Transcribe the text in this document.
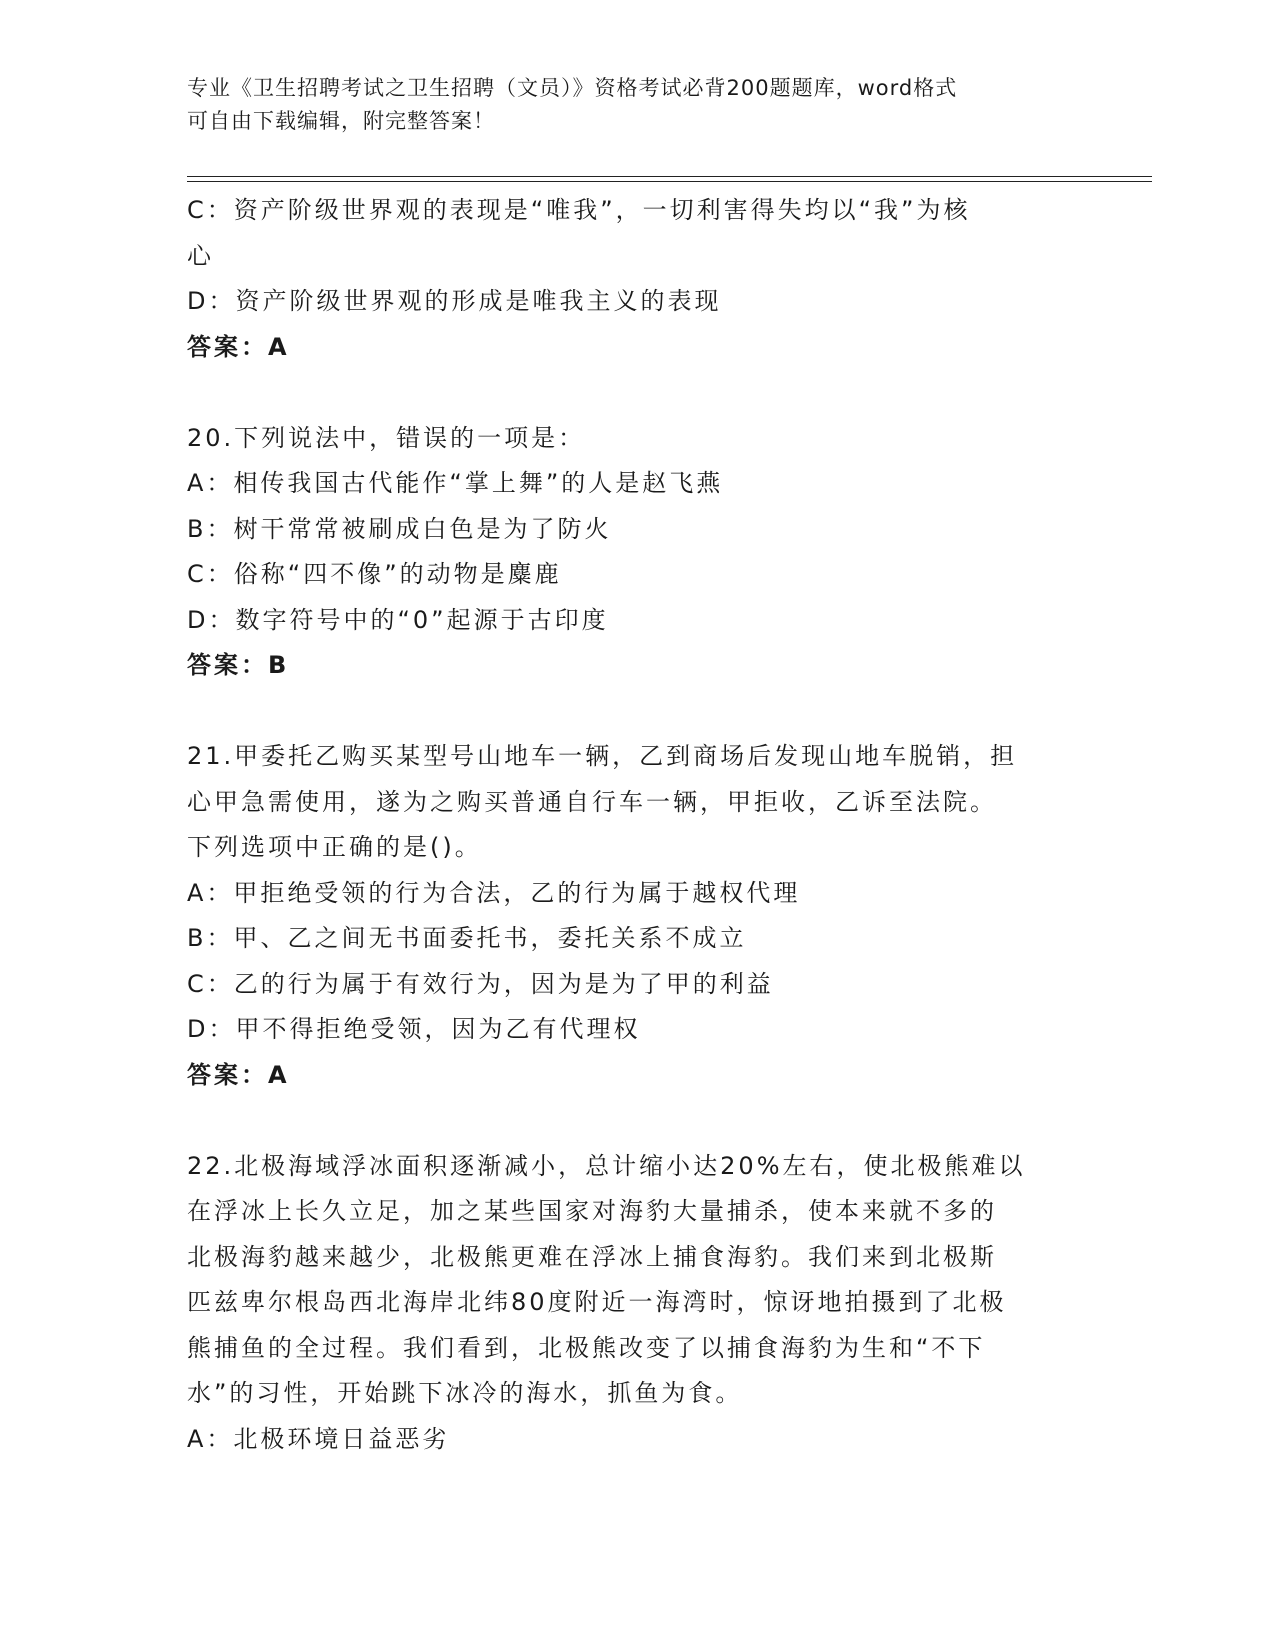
专业《卫生招聘考试之卫生招聘（文员）》资格考试必背200题题库，word格式
可自由下载编辑，附完整答案！
C：资产阶级世界观的表现是“唯我”，一切利害得失均以“我”为核
心
D：资产阶级世界观的形成是唯我主义的表现
答案：A
20.下列说法中，错误的一项是：
A：相传我国古代能作“掌上舞”的人是赵飞燕
B：树干常常被刷成白色是为了防火
C：俗称“四不像”的动物是麋鹿
D：数字符号中的“0”起源于古印度
答案：B
21.甲委托乙购买某型号山地车一辆，乙到商场后发现山地车脱销，担
心甲急需使用，遂为之购买普通自行车一辆，甲拒收，乙诉至法院。
下列选项中正确的是()。
A：甲拒绝受领的行为合法，乙的行为属于越权代理
B：甲、乙之间无书面委托书，委托关系不成立
C：乙的行为属于有效行为，因为是为了甲的利益
D：甲不得拒绝受领，因为乙有代理权
答案：A
22.北极海域浮冰面积逐渐减小，总计缩小达20%左右，使北极熊难以
在浮冰上长久立足，加之某些国家对海豹大量捕杀，使本来就不多的
北极海豹越来越少，北极熊更难在浮冰上捕食海豹。我们来到北极斯
匹兹卑尔根岛西北海岸北纬80度附近一海湾时，惊讶地拍摄到了北极
熊捕鱼的全过程。我们看到，北极熊改变了以捕食海豹为生和“不下
水”的习性，开始跳下冰冷的海水，抓鱼为食。
A：北极环境日益恶劣
